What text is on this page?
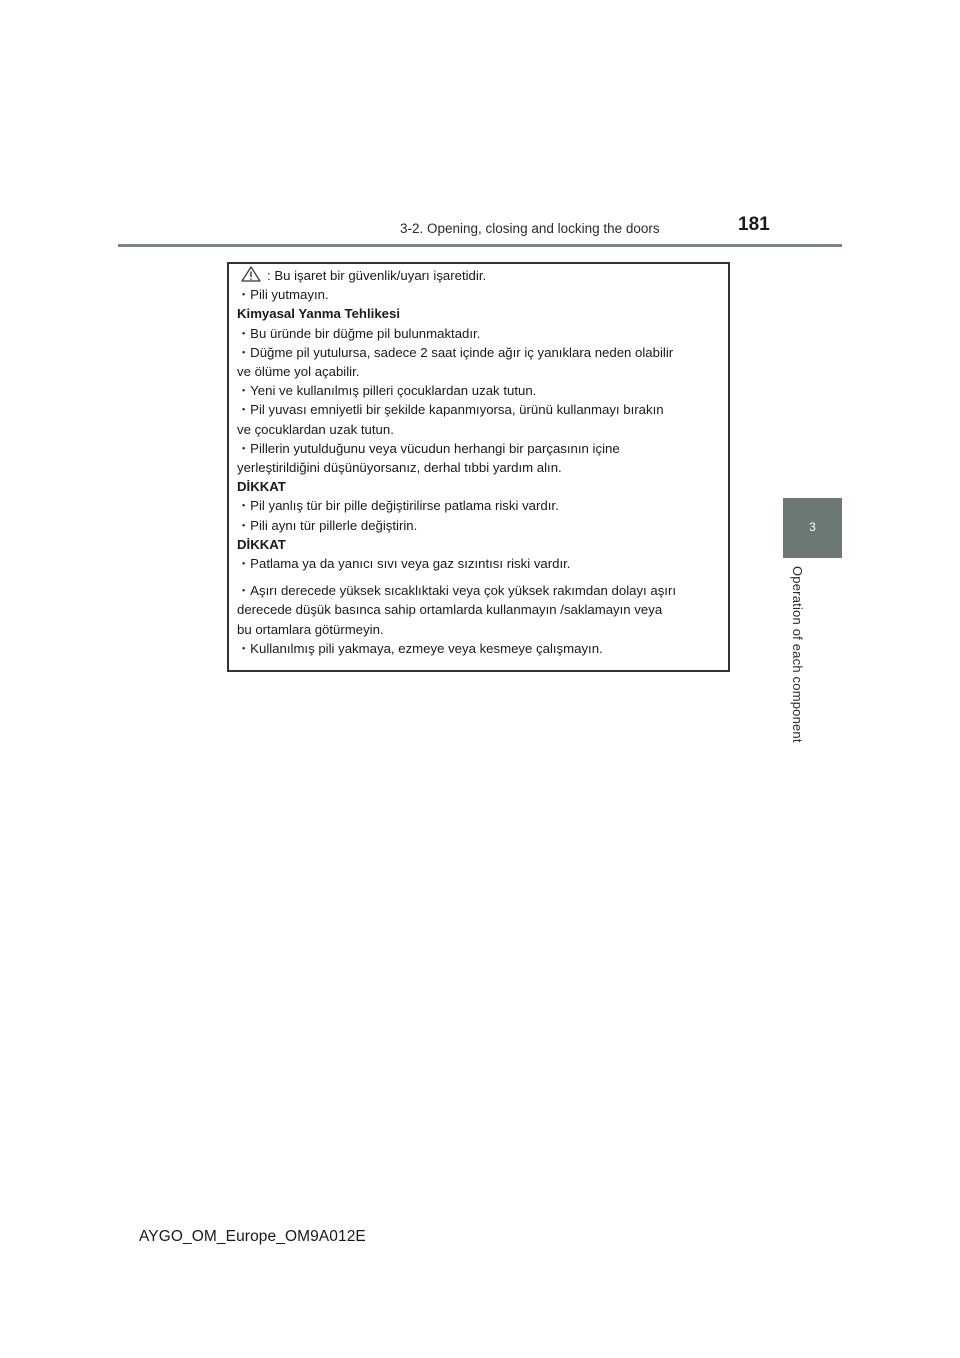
3-2. Opening, closing and locking the doors	181
3
Operation of each component
: Bu işaret bir güvenlik/uyarı işaretidir.
・Pili yutmayın.
Kimyasal Yanma Tehlikesi
・Bu üründe bir düğme pil bulunmaktadır.
・Düğme pil yutulursa, sadece 2 saat içinde ağır iç yanıklara neden olabilir
ve ölüme yol açabilir.
・Yeni ve kullanılmış pilleri çocuklardan uzak tutun.
・Pil yuvası emniyetli bir şekilde kapanmıyorsa, ürünü kullanmayı bırakın
ve çocuklardan uzak tutun.
・Pillerin yutulduğunu veya vücudun herhangi bir parçasının içine
yerleştirildiğini düşünüyorsanız, derhal tıbbi yardım alın.
DİKKAT
・Pil yanlış tür bir pille değiştirilirse patlama riski vardır.
・Pili aynı tür pillerle değiştirin.
DİKKAT
・Patlama ya da yanıcı sıvı veya gaz sızıntısı riski vardır.
・Aşırı derecede yüksek sıcaklıktaki veya çok yüksek rakımdan dolayı aşırı
derecede düşük basınca sahip ortamlarda kullanmayın /saklamayın veya
bu ortamlara götürmeyin.
・Kullanılmış pili yakmaya, ezmeye veya kesmeye çalışmayın.
AYGO_OM_Europe_OM9A012E
